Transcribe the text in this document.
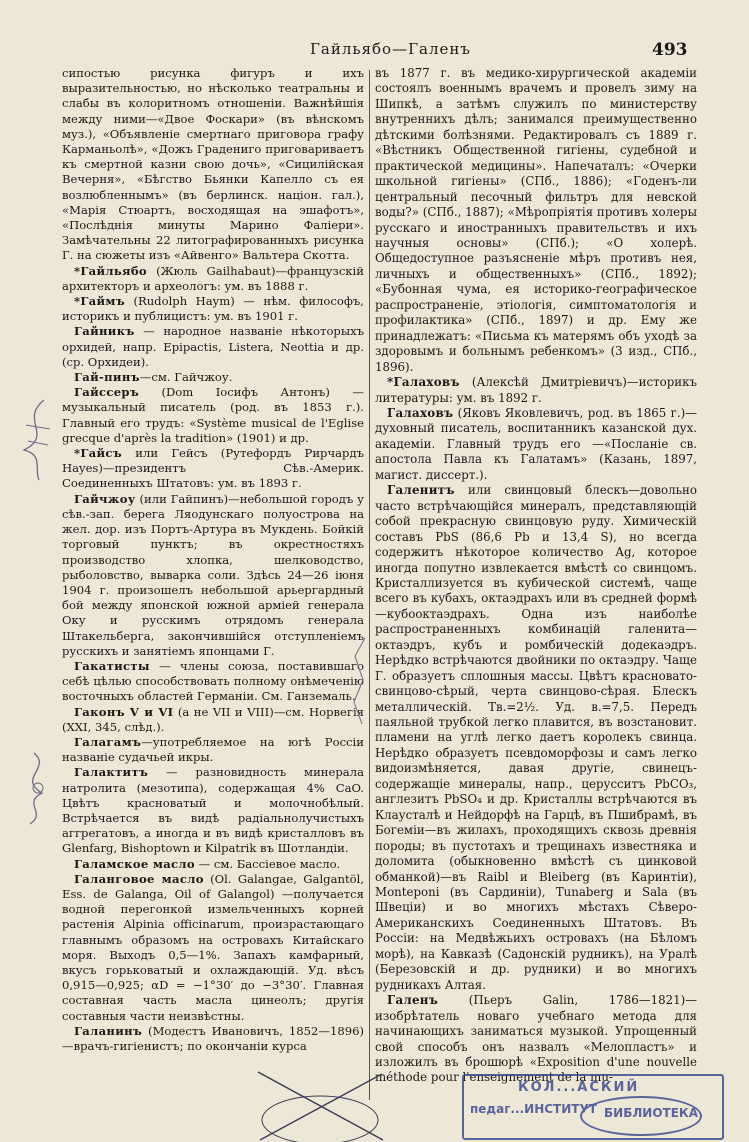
Гайльябо—Галенъ	493

сипостью рисунка фигуръ и ихъ выразительностью, но нѣсколько театральны и слабы въ колоритномъ отношеніи. Важнѣйшія между ними—«Двое Фоскари» (въ вѣнскомъ муз.), «Объявленіе смертнаго приговора графу Карманьолѣ», «Дожъ Градениго приговариваетъ къ смертной казни свою дочь», «Сицилійская Вечерня», «Бѣгство Бьянки Капелло съ ея возлюбленнымъ» (въ берлинск. націон. гал.), «Марія Стюартъ, восходящая на эшафотъ», «Послѣднія минуты Марино Фаліери». Замѣчательны 22 литографированныхъ рисунка Г. на сюжеты изъ «Айвенго» Вальтера Скотта.

*Гайльябо (Жюль Gailhabaut)—французскій архитекторъ и археологъ: ум. въ 1888 г.

*Гаймъ (Rudolph Haym) — нѣм. философъ, историкъ и публицистъ: ум. въ 1901 г.

Гайникъ — народное названіе нѣкоторыхъ орхидей, напр. Epipactis, Listera, Neottia и др. (ср. Орхидеи).

Гай-пинъ—см. Гайчжоу.

Гайссеръ (Dom Iосифъ Антонъ) — музыкальный писатель (род. въ 1853 г.). Главный его трудъ: «Système musical de l'Eglise grecque d'après la tradition» (1901) и др.

*Гайсъ или Гейсъ (Рутефордъ Рирчардъ Hayes)—президентъ Сѣв.-Америк. Соединенныхъ Штатовъ: ум. въ 1893 г.

Гайчжоу (или Гайпинъ)—небольшой городъ у сѣв.-зап. берега Ляодунскаго полуострова на жел. дор. изъ Портъ-Артура въ Мукдень. Бойкій торговый пунктъ; въ окрестностяхъ производство хлопка, шелководство, рыболовство, выварка соли. Здѣсь 24—26 іюня 1904 г. произошелъ небольшой арьергардный бой между японской южной арміей генерала Оку и русскимъ отрядомъ генерала Штакельберга, закончившійся отступленіемъ русскихъ и занятіемъ японцами Г.

Гакатисты — члены союза, поставившаго себѣ цѣлью способствовать полному онѣмеченію восточныхъ областей Германіи. См. Ганземаль.

Гаконъ V и VI (а не VII и VIII)—см. Норвегія (XXI, 345, слѣд.).

Галагамъ—употребляемое на югѣ Россіи названіе судачьей икры.

Галактитъ — разновидность минерала натролита (мезотипа), содержащая 4% CaO. Цвѣтъ красноватый и молочнобѣлый. Встрѣчается въ видѣ радіальнолучистыхъ аггрегатовъ, а иногда и въ видѣ кристалловъ въ Glenfarg, Bishoptown и Kilpatrik въ Шотландіи.

Галамское масло — см. Бассіевое масло.

Галанговое масло (Ol. Galangae, Galgantöl, Ess. de Galanga, Oil of Galangol) —получается водной перегонкой измельченныхъ корней растенія Alpinia officinarum, произрастающаго главнымъ образомъ на островахъ Китайскаго моря. Выходъ 0,5—1%. Запахъ камфарный, вкусъ горьковатый и охлаждающій. Уд. вѣсъ 0,915—0,925; αD = −1°30′ до −3°30′. Главная составная часть масла цинеолъ; другія составныя части неизвѣстны.

Галанинъ (Модестъ Ивановичъ, 1852—1896)—врачъ-гигіенистъ; по окончаніи курса

въ 1877 г. въ медико-хирургической академіи состоялъ военнымъ врачемъ и провелъ зиму на Шипкѣ, а затѣмъ служилъ по министерству внутреннихъ дѣлъ; занимался преимущественно дѣтскими болѣзнями. Редактировалъ съ 1889 г. «Вѣстникъ Общественной гигіены, судебной и практической медицины». Напечаталъ: «Очерки школьной гигіены» (СПб., 1886); «Годенъ-ли центральный песочный фильтръ для невской воды?» (СПб., 1887); «Мѣропріятія противъ холеры русскаго и иностранныхъ правительствъ и ихъ научныя основы» (СПб.); «О холерѣ. Общедоступное разъясненіе мѣръ противъ нея, личныхъ и общественныхъ» (СПб., 1892); «Бубонная чума, ея историко-географическое распространеніе, этіологія, симптоматологія и профилактика» (СПб., 1897) и др. Ему же принадлежатъ: «Письма къ матерямъ объ уходѣ за здоровымъ и больнымъ ребенкомъ» (3 изд., СПб., 1896).

*Галаховъ (Алексѣй Дмитріевичъ)—историкъ литературы: ум. въ 1892 г.

Галаховъ (Яковъ Яковлевичъ, род. въ 1865 г.)—духовный писатель, воспитанникъ казанской дух. академіи. Главный трудъ его —«Посланіе св. апостола Павла къ Галатамъ» (Казань, 1897, магист. диссерт.).

Галенитъ или свинцовый блескъ—довольно часто встрѣчающійся минералъ, представляющій собой прекрасную свинцовую руду. Химическій составъ PbS (86,6 Pb и 13,4 S), но всегда содержитъ нѣкоторое количество Ag, которое иногда попутно извлекается вмѣстѣ со свинцомъ. Кристаллизуется въ кубической системѣ, чаще всего въ кубахъ, октаэдрахъ или въ средней формѣ—кубооктаэдрахъ. Одна изъ наиболѣе распространенныхъ комбинацій галенита—октаэдръ, кубъ и ромбическій додекаэдръ. Нерѣдко встрѣчаются двойники по октаэдру. Чаще Г. образуетъ сплошныя массы. Цвѣтъ красновато-свинцово-сѣрый, черта свинцово-сѣрая. Блескъ металлическій. Тв.=2½. Уд. в.=7,5. Передъ паяльной трубкой легко плавится, въ возстановит. пламени на углѣ легко даетъ королекъ свинца. Нерѣдко образуетъ псевдоморфозы и самъ легко видоизмѣняется, давая другіе, свинецъ-содержащіе минералы, напр., церусситъ PbCO₃, англезитъ PbSO₄ и др. Кристаллы встрѣчаются въ Клаусталѣ и Нейдорфѣ на Гарцѣ, въ Пшибрамѣ, въ Богеміи—въ жилахъ, проходящихъ сквозь древнія породы; въ пустотахъ и трещинахъ известняка и доломита (обыкновенно вмѣстѣ съ цинковой обманкой)—въ Raibl и Bleiberg (въ Каринтіи), Monteponi (въ Сардиніи), Tunaberg и Sala (въ Швеціи) и во многихъ мѣстахъ Сѣверо-Американскихъ Соединенныхъ Штатовъ. Въ Россіи: на Медвѣжьихъ островахъ (на Бѣломъ морѣ), на Кавказѣ (Садонскій рудникъ), на Уралѣ (Березовскій и др. рудники) и во многихъ рудникахъ Алтая.

Галенъ (Пьеръ Galin, 1786—1821)—изобрѣтатель новаго учебнаго метода для начинающихъ заниматься музыкой. Упрощенный свой способъ онъ назвалъ «Мелопластъ» и изложилъ въ брошюрѣ «Exposition d'une nouvelle méthode pour l'enseignement de la mu-

КОЛ...АСКИЙ
педаг...ИНСТИТУТ БИБЛИОТЕКА
